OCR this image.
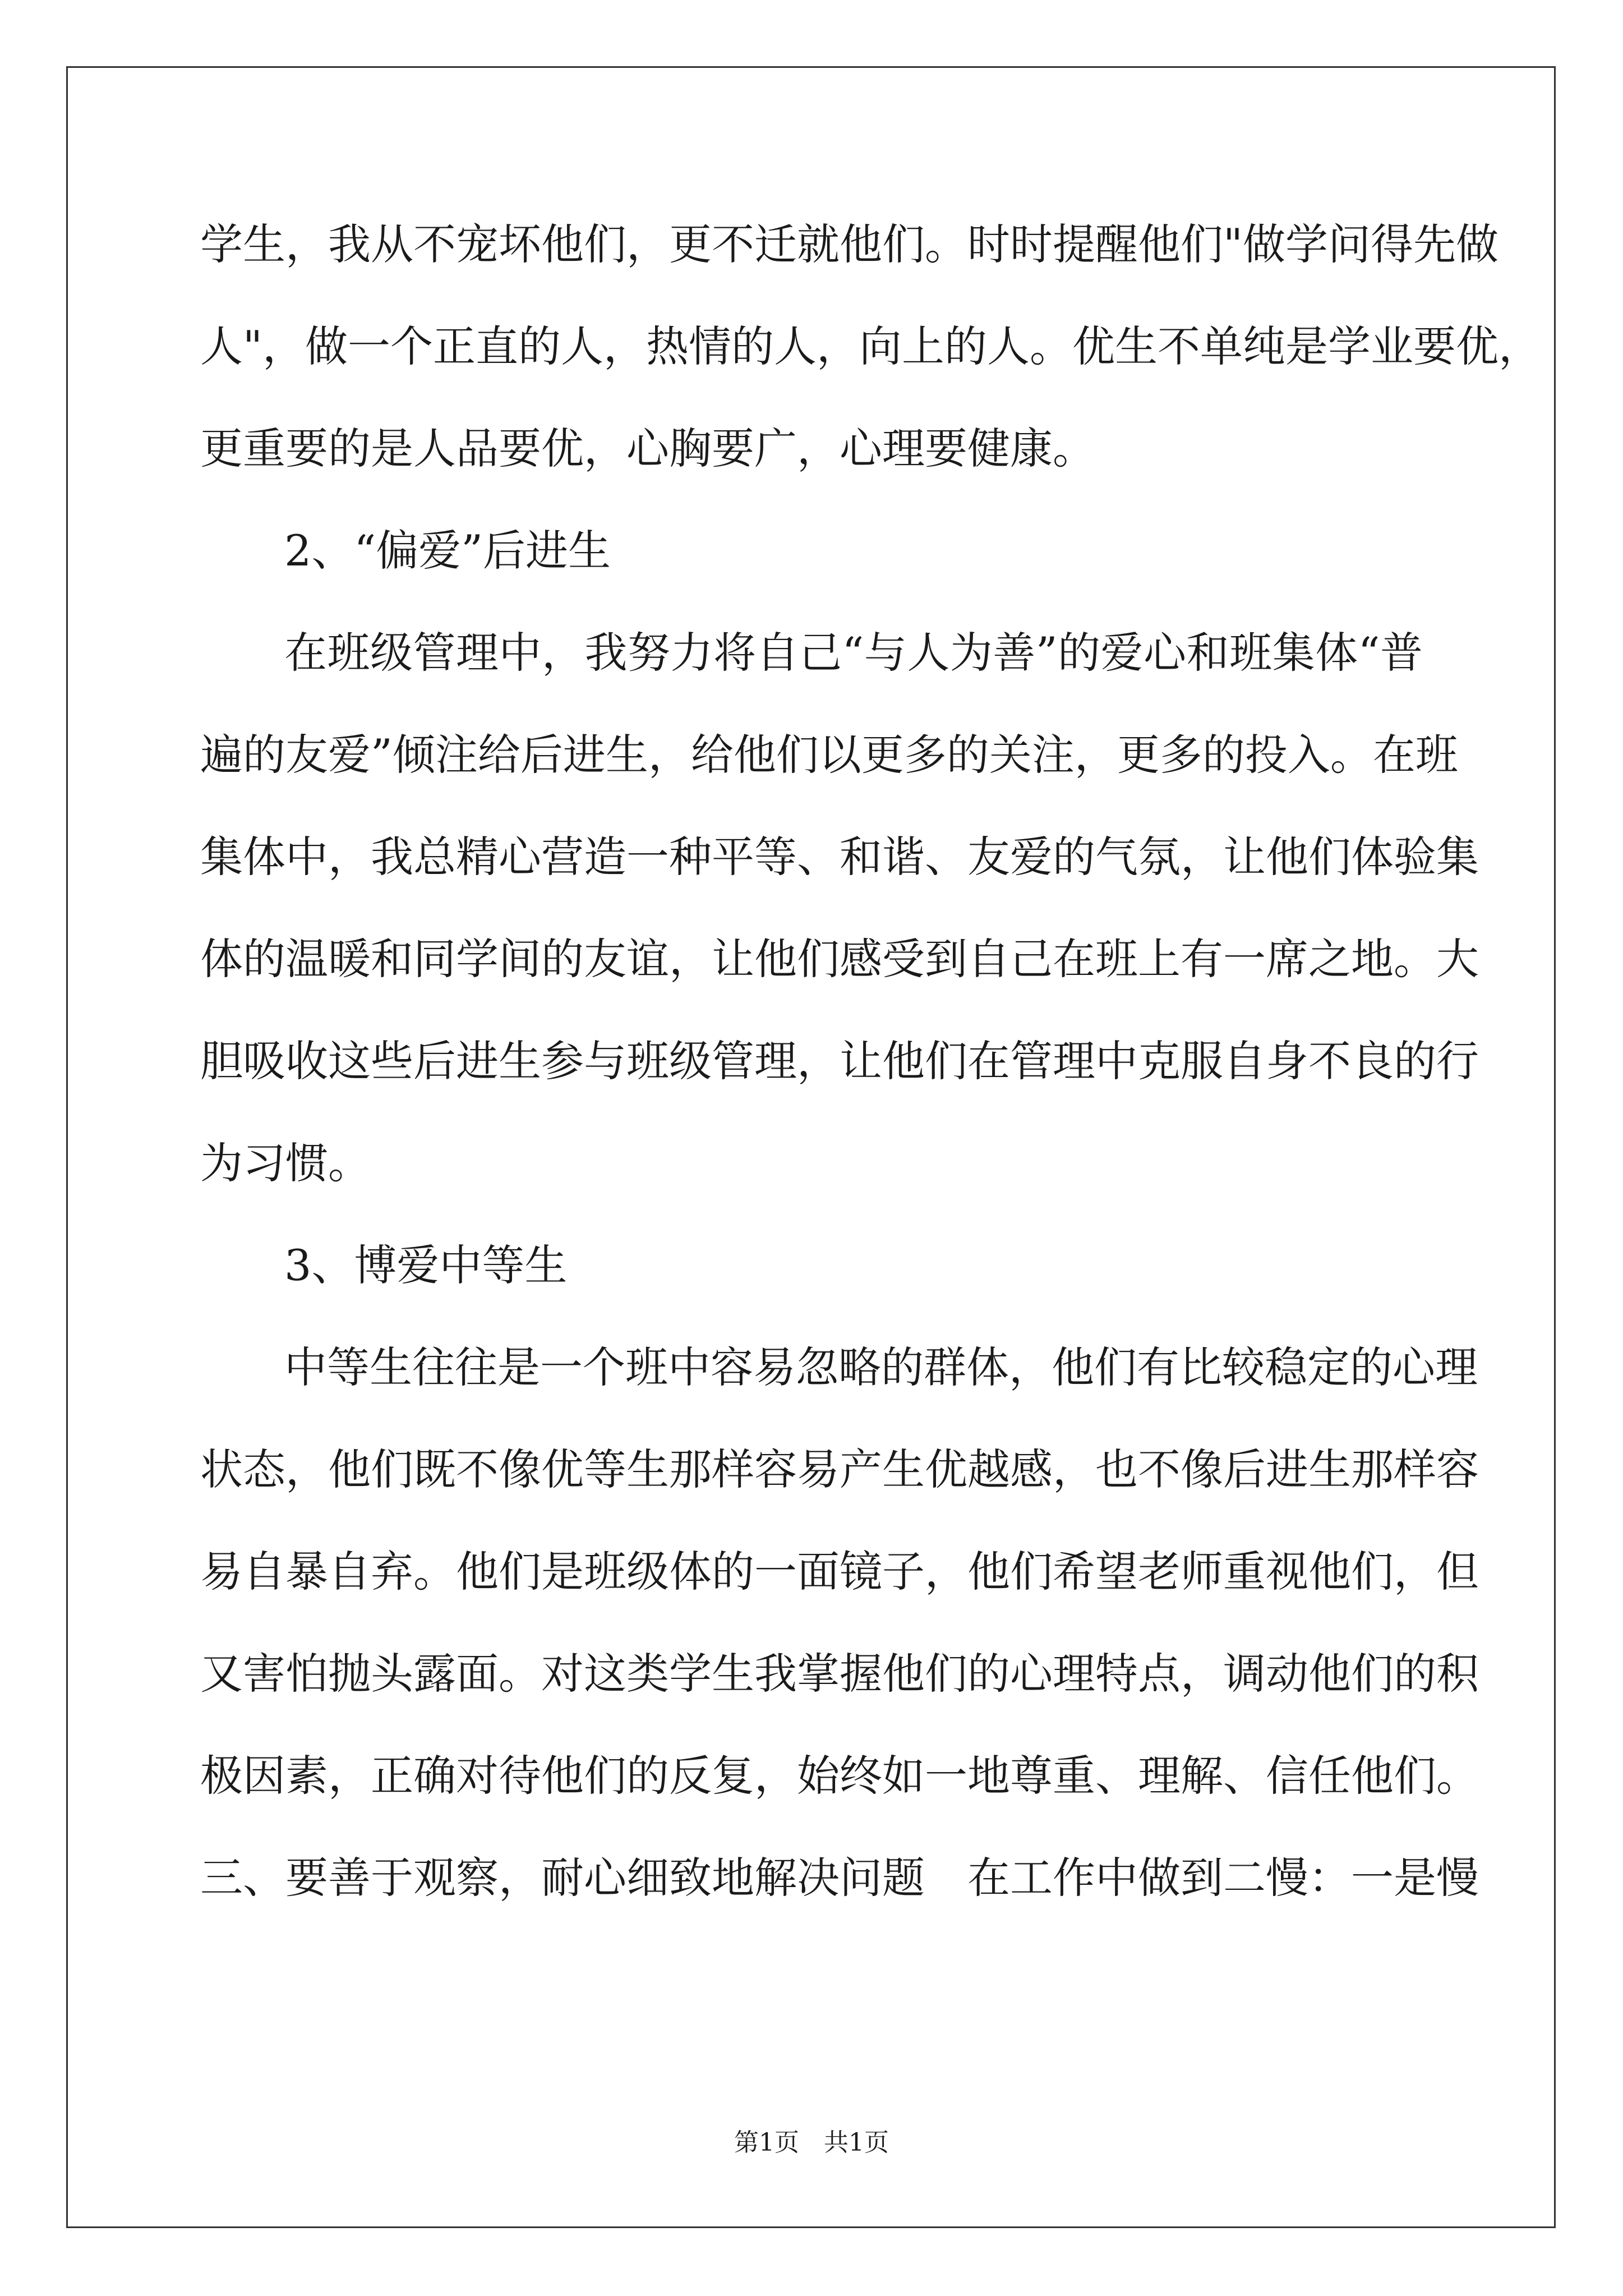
学生，我从不宠坏他们，更不迁就他们。时时提醒他们"做学问得先做

人"，做一个正直的人，热情的人，向上的人。优生不单纯是学业要优，

更重要的是人品要优，心胸要广，心理要健康。

2、“偏爱”后进生

在班级管理中，我努力将自己“与人为善”的爱心和班集体“普

遍的友爱”倾注给后进生，给他们以更多的关注，更多的投入。在班

集体中，我总精心营造一种平等、和谐、友爱的气氛，让他们体验集

体的温暖和同学间的友谊，让他们感受到自己在班上有一席之地。大

胆吸收这些后进生参与班级管理，让他们在管理中克服自身不良的行

为习惯。

3、博爱中等生

中等生往往是一个班中容易忽略的群体，他们有比较稳定的心理

状态，他们既不像优等生那样容易产生优越感，也不像后进生那样容

易自暴自弃。他们是班级体的一面镜子，他们希望老师重视他们，但

又害怕抛头露面。对这类学生我掌握他们的心理特点，调动他们的积

极因素，正确对待他们的反复，始终如一地尊重、理解、信任他们。

三、要善于观察，耐心细致地解决问题　在工作中做到二慢：一是慢

第1页　共1页
